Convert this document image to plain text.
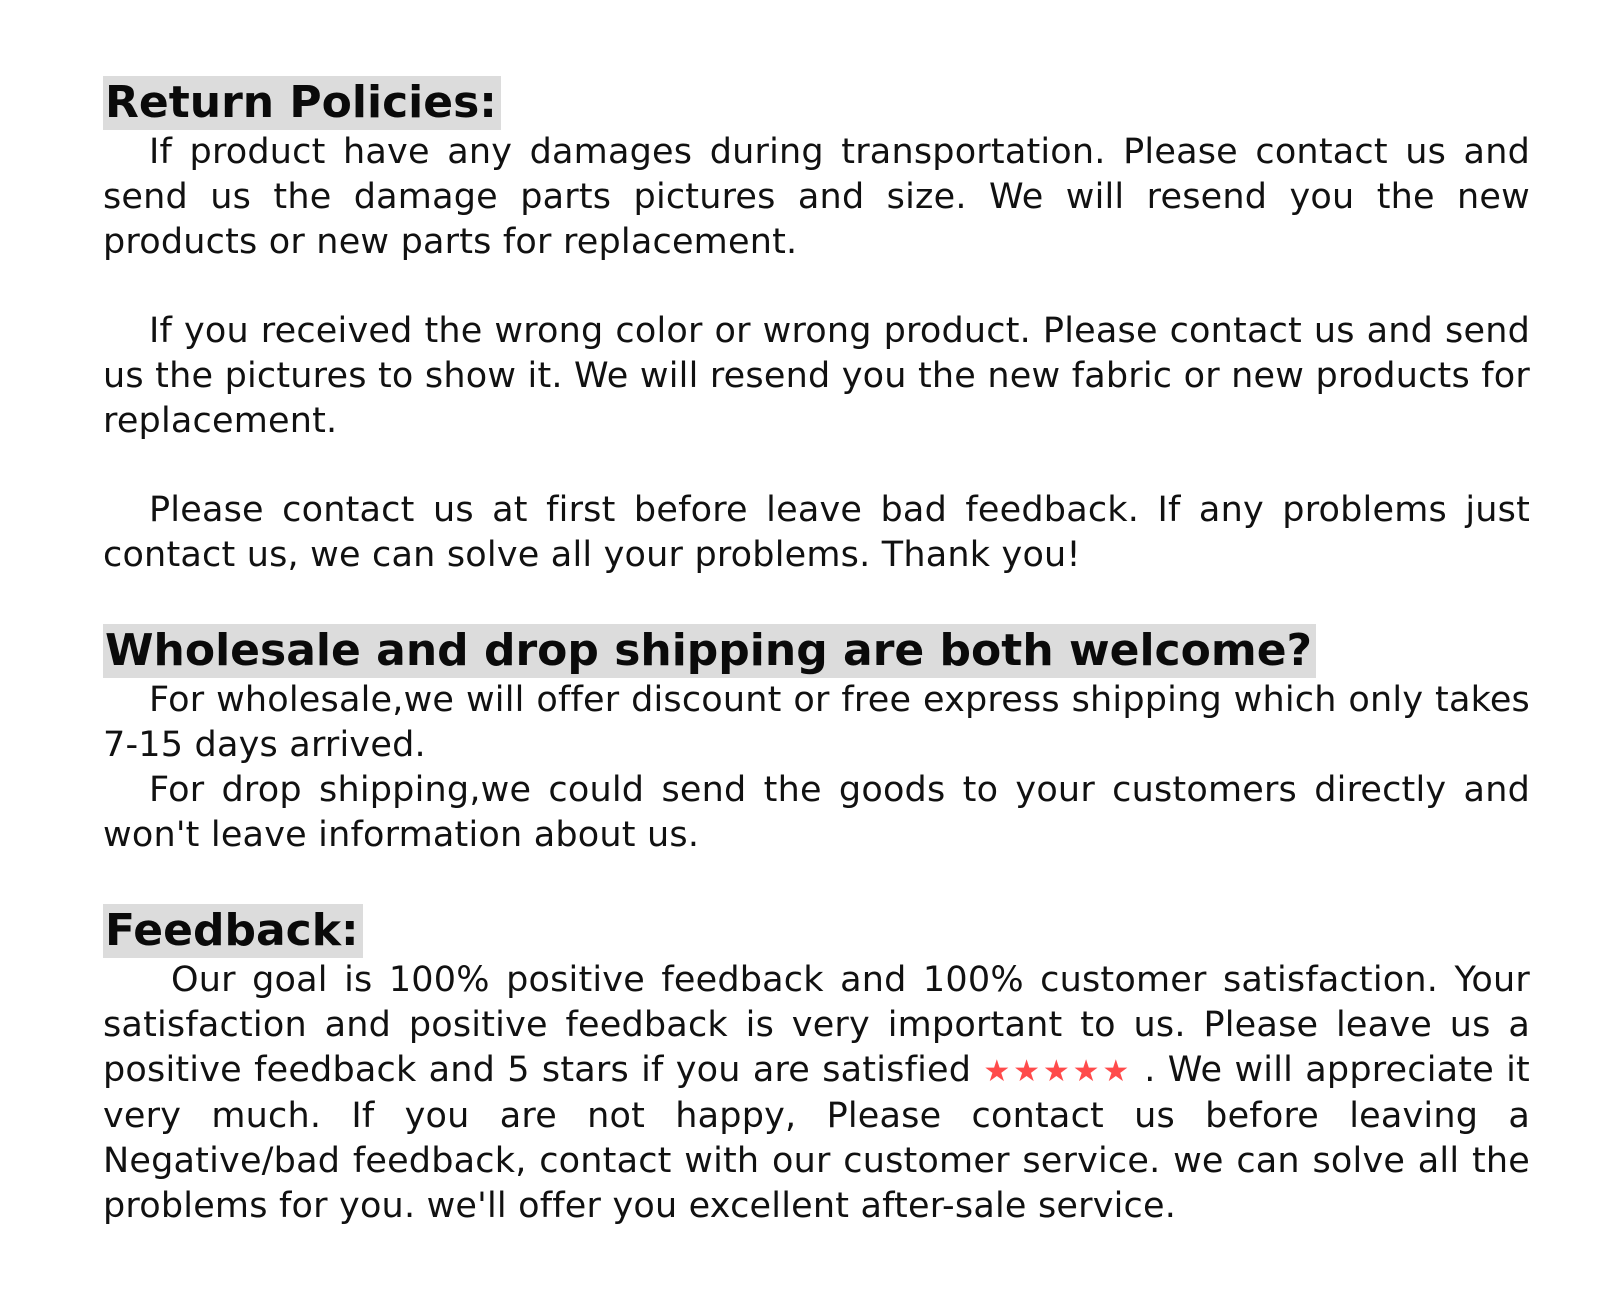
Return Policies:

If product have any damages during transportation. Please contact us and send us the damage parts pictures and size. We will resend you the new products or new parts for replacement.

If you received the wrong color or wrong product. Please contact us and send us the pictures to show it. We will resend you the new fabric or new products for replacement.

Please contact us at first before leave bad feedback. If any problems just contact us, we can solve all your problems. Thank you!

Wholesale and drop shipping are both welcome?

For wholesale,we will offer discount or free express shipping which only takes 7-15 days arrived.

For drop shipping,we could send the goods to your customers directly and won't leave information about us.

Feedback:

Our goal is 100% positive feedback and 100% customer satisfaction. Your satisfaction and positive feedback is very important to us. Please leave us a positive feedback and 5 stars if you are satisfied ★★★★★ . We will appreciate it very much. If you are not happy, Please contact us before leaving a Negative/bad feedback, contact with our customer service. we can solve all the problems for you. we'll offer you excellent after-sale service.
